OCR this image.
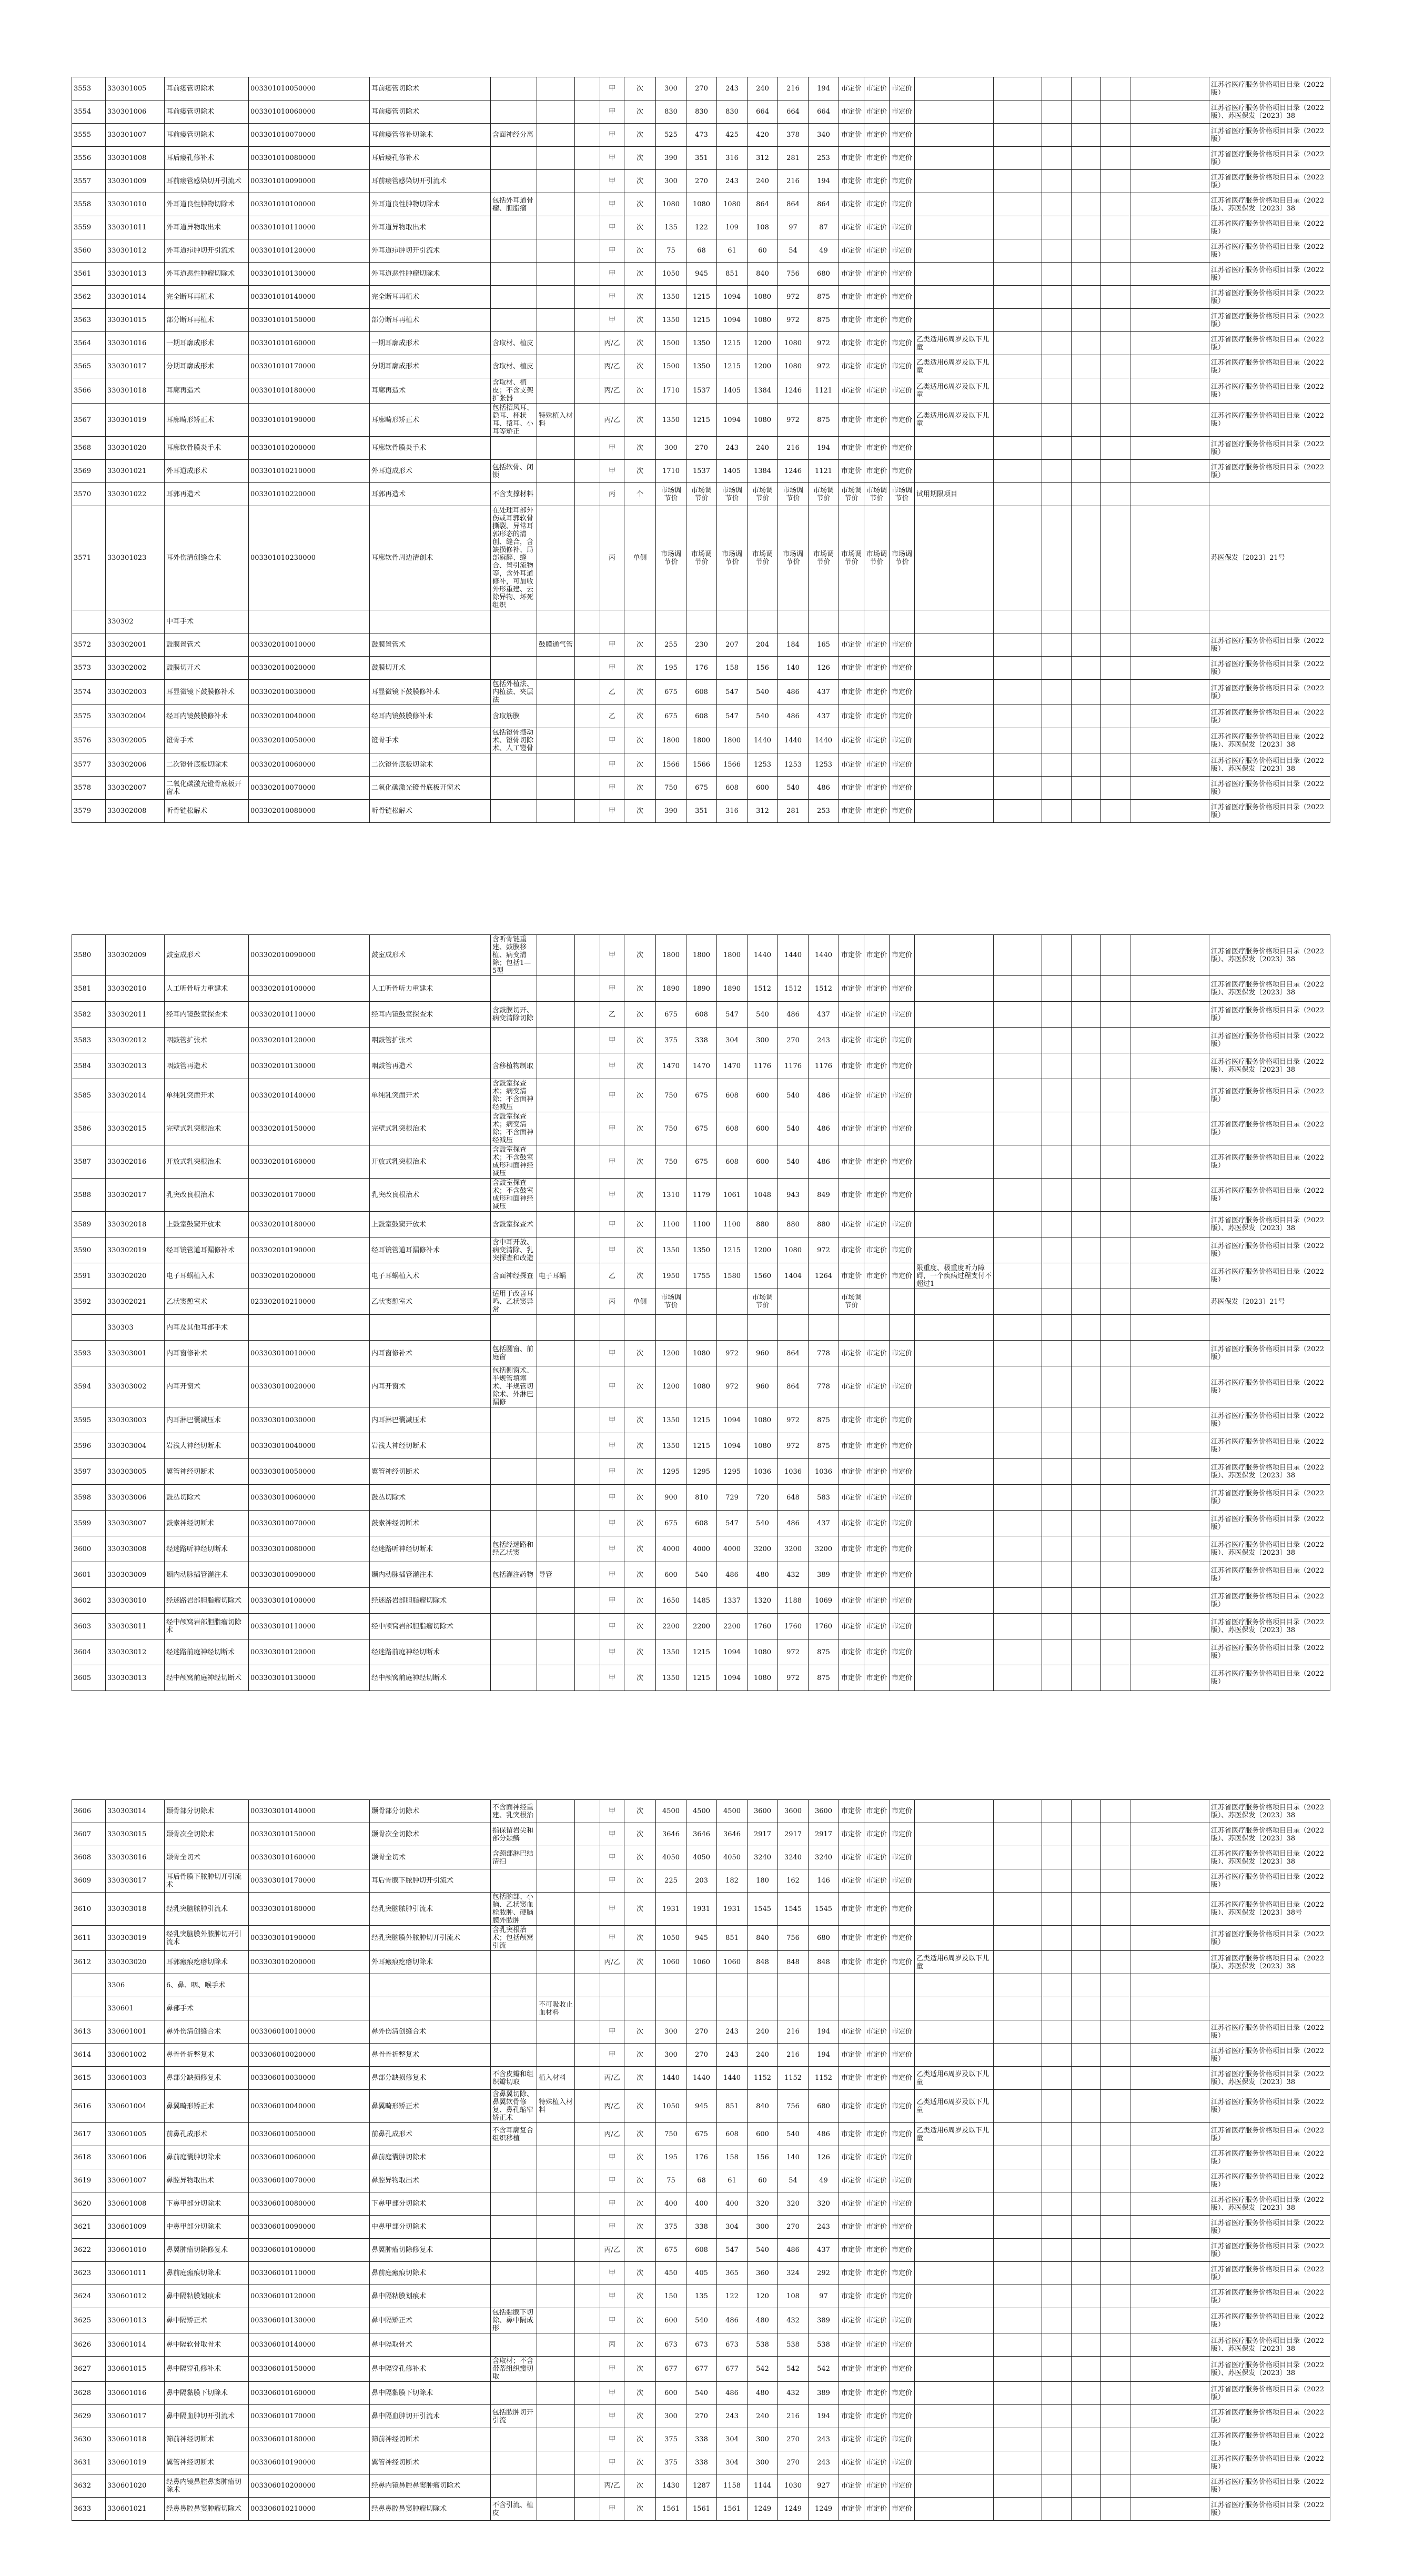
3553	330301005	耳前瘘管切除术	003301010050000	耳前瘘管切除术				甲	次	300	270	243	240	216	194	市定价	市定价	市定价							江苏省医疗服务价格项目目录（2022版）
3554	330301006	耳前瘘管切除术	003301010060000	耳前瘘管切除术				甲	次	830	830	830	664	664	664	市定价	市定价	市定价							江苏省医疗服务价格项目目录（2022版）、苏医保发〔2023〕38
3555	330301007	耳前瘘管切除术	003301010070000	耳前瘘管修补切除术	含面神经分离			甲	次	525	473	425	420	378	340	市定价	市定价	市定价							江苏省医疗服务价格项目目录（2022版）
3556	330301008	耳后瘘孔修补术	003301010080000	耳后瘘孔修补术				甲	次	390	351	316	312	281	253	市定价	市定价	市定价							江苏省医疗服务价格项目目录（2022版）
3557	330301009	耳前瘘管感染切开引流术	003301010090000	耳前瘘管感染切开引流术				甲	次	300	270	243	240	216	194	市定价	市定价	市定价							江苏省医疗服务价格项目目录（2022版）
3558	330301010	外耳道良性肿物切除术	003301010100000	外耳道良性肿物切除术	包括外耳道骨瘤、胆脂瘤			甲	次	1080	1080	1080	864	864	864	市定价	市定价	市定价							江苏省医疗服务价格项目目录（2022版）、苏医保发〔2023〕38
3559	330301011	外耳道异物取出术	003301010110000	外耳道异物取出术				甲	次	135	122	109	108	97	87	市定价	市定价	市定价							江苏省医疗服务价格项目目录（2022版）
3560	330301012	外耳道疖肿切开引流术	003301010120000	外耳道疖肿切开引流术				甲	次	75	68	61	60	54	49	市定价	市定价	市定价							江苏省医疗服务价格项目目录（2022版）
3561	330301013	外耳道恶性肿瘤切除术	003301010130000	外耳道恶性肿瘤切除术				甲	次	1050	945	851	840	756	680	市定价	市定价	市定价							江苏省医疗服务价格项目目录（2022版）
3562	330301014	完全断耳再植术	003301010140000	完全断耳再植术				甲	次	1350	1215	1094	1080	972	875	市定价	市定价	市定价							江苏省医疗服务价格项目目录（2022版）
3563	330301015	部分断耳再植术	003301010150000	部分断耳再植术				甲	次	1350	1215	1094	1080	972	875	市定价	市定价	市定价							江苏省医疗服务价格项目目录（2022版）
3564	330301016	一期耳廓成形术	003301010160000	一期耳廓成形术	含取材、植皮			丙/乙	次	1500	1350	1215	1200	1080	972	市定价	市定价	市定价	乙类适用6周岁及以下儿童						江苏省医疗服务价格项目目录（2022版）
3565	330301017	分期耳廓成形术	003301010170000	分期耳廓成形术	含取材、植皮			丙/乙	次	1500	1350	1215	1200	1080	972	市定价	市定价	市定价	乙类适用6周岁及以下儿童						江苏省医疗服务价格项目目录（2022版）
3566	330301018	耳廓再造术	003301010180000	耳廓再造术	含取材、植皮；不含支架扩张器			丙/乙	次	1710	1537	1405	1384	1246	1121	市定价	市定价	市定价	乙类适用6周岁及以下儿童						江苏省医疗服务价格项目目录（2022版）
3567	330301019	耳廓畸形矫正术	003301010190000	耳廓畸形矫正术	包括招风耳、隐耳、杯状耳、猿耳、小耳等矫正	特殊植入材料		丙/乙	次	1350	1215	1094	1080	972	875	市定价	市定价	市定价	乙类适用6周岁及以下儿童						江苏省医疗服务价格项目目录（2022版）
3568	330301020	耳廓软骨膜炎手术	003301010200000	耳廓软骨膜炎手术				甲	次	300	270	243	240	216	194	市定价	市定价	市定价							江苏省医疗服务价格项目目录（2022版）
3569	330301021	外耳道成形术	003301010210000	外耳道成形术	包括软骨、闭锁			甲	次	1710	1537	1405	1384	1246	1121	市定价	市定价	市定价							江苏省医疗服务价格项目目录（2022版）
3570	330301022	耳郭再造术	003301010220000	耳郭再造术	不含支撑材料			丙	个	市场调节价	市场调节价	市场调节价	市场调节价	市场调节价	市场调节价	市场调节价	市场调节价	市场调节价	试用期限项目						
3571	330301023	耳外伤清创缝合术	003301010230000	耳廓软骨周边清创术	在处理耳部外伤或耳郭软骨撕裂、异常耳郭形态的清创、缝合，含缺损修补、局部麻醉、缝合、置引流物等，含外耳道修补，可加收外形重建、去除异物、坏死组织			丙	单侧	市场调节价	市场调节价	市场调节价	市场调节价	市场调节价	市场调节价	市场调节价	市场调节价	市场调节价							苏医保发〔2023〕21号
	330302	中耳手术																							
3572	330302001	鼓膜置管术	003302010010000	鼓膜置管术		鼓膜通气管		甲	次	255	230	207	204	184	165	市定价	市定价	市定价							江苏省医疗服务价格项目目录（2022版）
3573	330302002	鼓膜切开术	003302010020000	鼓膜切开术				甲	次	195	176	158	156	140	126	市定价	市定价	市定价							江苏省医疗服务价格项目目录（2022版）
3574	330302003	耳显微镜下鼓膜修补术	003302010030000	耳显微镜下鼓膜修补术	包括外植法、内植法、夹层法			乙	次	675	608	547	540	486	437	市定价	市定价	市定价							江苏省医疗服务价格项目目录（2022版）
3575	330302004	经耳内镜鼓膜修补术	003302010040000	经耳内镜鼓膜修补术	含取筋膜			乙	次	675	608	547	540	486	437	市定价	市定价	市定价							江苏省医疗服务价格项目目录（2022版）
3576	330302005	镫骨手术	003302010050000	镫骨手术	包括镫骨撼动术、镫骨切除术、人工镫骨			甲	次	1800	1800	1800	1440	1440	1440	市定价	市定价	市定价							江苏省医疗服务价格项目目录（2022版）、苏医保发〔2023〕38
3577	330302006	二次镫骨底板切除术	003302010060000	二次镫骨底板切除术				甲	次	1566	1566	1566	1253	1253	1253	市定价	市定价	市定价							江苏省医疗服务价格项目目录（2022版）、苏医保发〔2023〕38
3578	330302007	二氧化碳激光镫骨底板开窗术	003302010070000	二氧化碳激光镫骨底板开窗术				甲	次	750	675	608	600	540	486	市定价	市定价	市定价							江苏省医疗服务价格项目目录（2022版）
3579	330302008	听骨链松解术	003302010080000	听骨链松解术				甲	次	390	351	316	312	281	253	市定价	市定价	市定价							江苏省医疗服务价格项目目录（2022版）
3580	330302009	鼓室成形术	003302010090000	鼓室成形术	含听骨链重建、鼓膜移植、病变清除；包括1—5型			甲	次	1800	1800	1800	1440	1440	1440	市定价	市定价	市定价							江苏省医疗服务价格项目目录（2022版）、苏医保发〔2023〕38
3581	330302010	人工听骨听力重建术	003302010100000	人工听骨听力重建术				甲	次	1890	1890	1890	1512	1512	1512	市定价	市定价	市定价							江苏省医疗服务价格项目目录（2022版）、苏医保发〔2023〕38
3582	330302011	经耳内镜鼓室探查术	003302010110000	经耳内镜鼓室探查术	含鼓膜切开、病变清除切除			乙	次	675	608	547	540	486	437	市定价	市定价	市定价							江苏省医疗服务价格项目目录（2022版）
3583	330302012	咽鼓管扩张术	003302010120000	咽鼓管扩张术				甲	次	375	338	304	300	270	243	市定价	市定价	市定价							江苏省医疗服务价格项目目录（2022版）
3584	330302013	咽鼓管再造术	003302010130000	咽鼓管再造术	含移植物制取			甲	次	1470	1470	1470	1176	1176	1176	市定价	市定价	市定价							江苏省医疗服务价格项目目录（2022版）、苏医保发〔2023〕38
3585	330302014	单纯乳突凿开术	003302010140000	单纯乳突凿开术	含鼓室探查术；病变清除；不含面神经减压			甲	次	750	675	608	600	540	486	市定价	市定价	市定价							江苏省医疗服务价格项目目录（2022版）
3586	330302015	完壁式乳突根治术	003302010150000	完壁式乳突根治术	含鼓室探查术；病变清除；不含面神经减压			甲	次	750	675	608	600	540	486	市定价	市定价	市定价							江苏省医疗服务价格项目目录（2022版）
3587	330302016	开放式乳突根治术	003302010160000	开放式乳突根治术	含鼓室探查术；不含鼓室成形和面神经减压			甲	次	750	675	608	600	540	486	市定价	市定价	市定价							江苏省医疗服务价格项目目录（2022版）
3588	330302017	乳突改良根治术	003302010170000	乳突改良根治术	含鼓室探查术；不含鼓室成形和面神经减压			甲	次	1310	1179	1061	1048	943	849	市定价	市定价	市定价							江苏省医疗服务价格项目目录（2022版）
3589	330302018	上鼓室鼓窦开放术	003302010180000	上鼓室鼓窦开放术	含鼓室探查术			甲	次	1100	1100	1100	880	880	880	市定价	市定价	市定价							江苏省医疗服务价格项目目录（2022版）、苏医保发〔2023〕38
3590	330302019	经耳镜管道耳漏修补术	003302010190000	经耳镜管道耳漏修补术	含中耳开放、病变清除、乳突探查和改造			甲	次	1350	1350	1215	1200	1080	972	市定价	市定价	市定价							江苏省医疗服务价格项目目录（2022版）
3591	330302020	电子耳蜗植入术	003302010200000	电子耳蜗植入术	含面神经探查	电子耳蜗		乙	次	1950	1755	1580	1560	1404	1264	市定价	市定价	市定价	限重度、极重度听力障碍，一个疾病过程支付不超过1						江苏省医疗服务价格项目目录（2022版）
3592	330302021	乙状窦憩室术	023302010210000	乙状窦憩室术	适用于改善耳鸣、乙状窦异常			丙	单侧	市场调节价			市场调节价			市场调节价									苏医保发〔2023〕21号
	330303	内耳及其他耳部手术																							
3593	330303001	内耳窗修补术	003303010010000	内耳窗修补术	包括圆窗、前庭窗			甲	次	1200	1080	972	960	864	778	市定价	市定价	市定价							江苏省医疗服务价格项目目录（2022版）
3594	330303002	内耳开窗术	003303010020000	内耳开窗术	包括侧窗术、半规管填塞术、半规管切除术、外淋巴漏修			甲	次	1200	1080	972	960	864	778	市定价	市定价	市定价							江苏省医疗服务价格项目目录（2022版）
3595	330303003	内耳淋巴囊减压术	003303010030000	内耳淋巴囊减压术				甲	次	1350	1215	1094	1080	972	875	市定价	市定价	市定价							江苏省医疗服务价格项目目录（2022版）
3596	330303004	岩浅大神经切断术	003303010040000	岩浅大神经切断术				甲	次	1350	1215	1094	1080	972	875	市定价	市定价	市定价							江苏省医疗服务价格项目目录（2022版）
3597	330303005	翼管神经切断术	003303010050000	翼管神经切断术				甲	次	1295	1295	1295	1036	1036	1036	市定价	市定价	市定价							江苏省医疗服务价格项目目录（2022版）、苏医保发〔2023〕38
3598	330303006	鼓丛切除术	003303010060000	鼓丛切除术				甲	次	900	810	729	720	648	583	市定价	市定价	市定价							江苏省医疗服务价格项目目录（2022版）
3599	330303007	鼓索神经切断术	003303010070000	鼓索神经切断术				甲	次	675	608	547	540	486	437	市定价	市定价	市定价							江苏省医疗服务价格项目目录（2022版）
3600	330303008	经迷路听神经切断术	003303010080000	经迷路听神经切断术	包括经迷路和经乙状窦			甲	次	4000	4000	4000	3200	3200	3200	市定价	市定价	市定价							江苏省医疗服务价格项目目录（2022版）、苏医保发〔2023〕38
3601	330303009	颞内动脉插管灌注术	003303010090000	颞内动脉插管灌注术	包括灌注药物	导管		甲	次	600	540	486	480	432	389	市定价	市定价	市定价							江苏省医疗服务价格项目目录（2022版）
3602	330303010	经迷路岩部胆脂瘤切除术	003303010100000	经迷路岩部胆脂瘤切除术				甲	次	1650	1485	1337	1320	1188	1069	市定价	市定价	市定价							江苏省医疗服务价格项目目录（2022版）
3603	330303011	经中颅窝岩部胆脂瘤切除术	003303010110000	经中颅窝岩部胆脂瘤切除术				甲	次	2200	2200	2200	1760	1760	1760	市定价	市定价	市定价							江苏省医疗服务价格项目目录（2022版）、苏医保发〔2023〕38
3604	330303012	经迷路前庭神经切断术	003303010120000	经迷路前庭神经切断术				甲	次	1350	1215	1094	1080	972	875	市定价	市定价	市定价							江苏省医疗服务价格项目目录（2022版）
3605	330303013	经中颅窝前庭神经切断术	003303010130000	经中颅窝前庭神经切断术				甲	次	1350	1215	1094	1080	972	875	市定价	市定价	市定价							江苏省医疗服务价格项目目录（2022版）
3606	330303014	颞骨部分切除术	003303010140000	颞骨部分切除术	不含面神经重建、乳突根治			甲	次	4500	4500	4500	3600	3600	3600	市定价	市定价	市定价							江苏省医疗服务价格项目目录（2022版）、苏医保发〔2023〕38
3607	330303015	颞骨次全切除术	003303010150000	颞骨次全切除术	指保留岩尖和部分颞鳞			甲	次	3646	3646	3646	2917	2917	2917	市定价	市定价	市定价							江苏省医疗服务价格项目目录（2022版）、苏医保发〔2023〕38
3608	330303016	颞骨全切术	003303010160000	颞骨全切术	含颈部淋巴结清扫			甲	次	4050	4050	4050	3240	3240	3240	市定价	市定价	市定价							江苏省医疗服务价格项目目录（2022版）、苏医保发〔2023〕38
3609	330303017	耳后骨膜下脓肿切开引流术	003303010170000	耳后骨膜下脓肿切开引流术				甲	次	225	203	182	180	162	146	市定价	市定价	市定价							江苏省医疗服务价格项目目录（2022版）
3610	330303018	经乳突脑脓肿引流术	003303010180000	经乳突脑脓肿引流术	包括脑部、小脑、乙状窦血栓脓肿、硬脑膜外脓肿			甲	次	1931	1931	1931	1545	1545	1545	市定价	市定价	市定价							江苏省医疗服务价格项目目录（2022版）、苏医保发〔2023〕38号
3611	330303019	经乳突脑膜外脓肿切开引流术	003303010190000	经乳突脑膜外脓肿切开引流术	含乳突根治术；包括颅窝引流			甲	次	1050	945	851	840	756	680	市定价	市定价	市定价							江苏省医疗服务价格项目目录（2022版）
3612	330303020	耳郭瘢痕疙瘩切除术	003303010200000	外耳瘢痕疙瘩切除术				丙/乙	次	1060	1060	1060	848	848	848	市定价	市定价	市定价	乙类适用6周岁及以下儿童						江苏省医疗服务价格项目目录（2022版）、苏医保发〔2023〕38
	3306	6、鼻、咽、喉手术																							
	330601	鼻部手术				不可吸收止血材料																			
3613	330601001	鼻外伤清创缝合术	003306010010000	鼻外伤清创缝合术				甲	次	300	270	243	240	216	194	市定价	市定价	市定价							江苏省医疗服务价格项目目录（2022版）
3614	330601002	鼻骨骨折整复术	003306010020000	鼻骨骨折整复术				甲	次	300	270	243	240	216	194	市定价	市定价	市定价							江苏省医疗服务价格项目目录（2022版）
3615	330601003	鼻部分缺损修复术	003306010030000	鼻部分缺损修复术	不含皮瓣和组织瓣切取	植入材料		丙/乙	次	1440	1440	1440	1152	1152	1152	市定价	市定价	市定价	乙类适用6周岁及以下儿童						江苏省医疗服务价格项目目录（2022版）、苏医保发〔2023〕38
3616	330601004	鼻翼畸形矫正术	003306010040000	鼻翼畸形矫正术	含鼻翼切除、鼻翼软骨修复、鼻孔缩窄矫正术	特殊植入材料		丙/乙	次	1050	945	851	840	756	680	市定价	市定价	市定价	乙类适用6周岁及以下儿童						江苏省医疗服务价格项目目录（2022版）
3617	330601005	前鼻孔成形术	003306010050000	前鼻孔成形术	不含耳廓复合组织移植			丙/乙	次	750	675	608	600	540	486	市定价	市定价	市定价	乙类适用6周岁及以下儿童						江苏省医疗服务价格项目目录（2022版）
3618	330601006	鼻前庭囊肿切除术	003306010060000	鼻前庭囊肿切除术				甲	次	195	176	158	156	140	126	市定价	市定价	市定价							江苏省医疗服务价格项目目录（2022版）
3619	330601007	鼻腔异物取出术	003306010070000	鼻腔异物取出术				甲	次	75	68	61	60	54	49	市定价	市定价	市定价							江苏省医疗服务价格项目目录（2022版）
3620	330601008	下鼻甲部分切除术	003306010080000	下鼻甲部分切除术				甲	次	400	400	400	320	320	320	市定价	市定价	市定价							江苏省医疗服务价格项目目录（2022版）、苏医保发〔2023〕38
3621	330601009	中鼻甲部分切除术	003306010090000	中鼻甲部分切除术				甲	次	375	338	304	300	270	243	市定价	市定价	市定价							江苏省医疗服务价格项目目录（2022版）
3622	330601010	鼻翼肿瘤切除修复术	003306010100000	鼻翼肿瘤切除修复术				丙/乙	次	675	608	547	540	486	437	市定价	市定价	市定价							江苏省医疗服务价格项目目录（2022版）
3623	330601011	鼻前庭瘢痕切除术	003306010110000	鼻前庭瘢痕切除术				甲	次	450	405	365	360	324	292	市定价	市定价	市定价							江苏省医疗服务价格项目目录（2022版）
3624	330601012	鼻中隔粘膜划痕术	003306010120000	鼻中隔粘膜划痕术				甲	次	150	135	122	120	108	97	市定价	市定价	市定价							江苏省医疗服务价格项目目录（2022版）
3625	330601013	鼻中隔矫正术	003306010130000	鼻中隔矫正术	包括黏膜下切除、鼻中隔成形			甲	次	600	540	486	480	432	389	市定价	市定价	市定价							江苏省医疗服务价格项目目录（2022版）
3626	330601014	鼻中隔软骨取骨术	003306010140000	鼻中隔取骨术				丙	次	673	673	673	538	538	538	市定价	市定价	市定价							江苏省医疗服务价格项目目录（2022版）、苏医保发〔2023〕38
3627	330601015	鼻中隔穿孔修补术	003306010150000	鼻中隔穿孔修补术	含取材；不含带蒂组织瓣切取			甲	次	677	677	677	542	542	542	市定价	市定价	市定价							江苏省医疗服务价格项目目录（2022版）、苏医保发〔2023〕38
3628	330601016	鼻中隔黏膜下切除术	003306010160000	鼻中隔黏膜下切除术				甲	次	600	540	486	480	432	389	市定价	市定价	市定价							江苏省医疗服务价格项目目录（2022版）
3629	330601017	鼻中隔血肿切开引流术	003306010170000	鼻中隔血肿切开引流术	包括脓肿切开引流			甲	次	300	270	243	240	216	194	市定价	市定价	市定价							江苏省医疗服务价格项目目录（2022版）
3630	330601018	筛前神经切断术	003306010180000	筛前神经切断术				甲	次	375	338	304	300	270	243	市定价	市定价	市定价							江苏省医疗服务价格项目目录（2022版）
3631	330601019	翼管神经切断术	003306010190000	翼管神经切断术				甲	次	375	338	304	300	270	243	市定价	市定价	市定价							江苏省医疗服务价格项目目录（2022版）
3632	330601020	经鼻内镜鼻腔鼻窦肿瘤切除术	003306010200000	经鼻内镜鼻腔鼻窦肿瘤切除术				丙/乙	次	1430	1287	1158	1144	1030	927	市定价	市定价	市定价							江苏省医疗服务价格项目目录（2022版）
3633	330601021	经鼻鼻腔鼻窦肿瘤切除术	003306010210000	经鼻鼻腔鼻窦肿瘤切除术	不含引流、植皮			甲	次	1561	1561	1561	1249	1249	1249	市定价	市定价	市定价							江苏省医疗服务价格项目目录（2022版）
